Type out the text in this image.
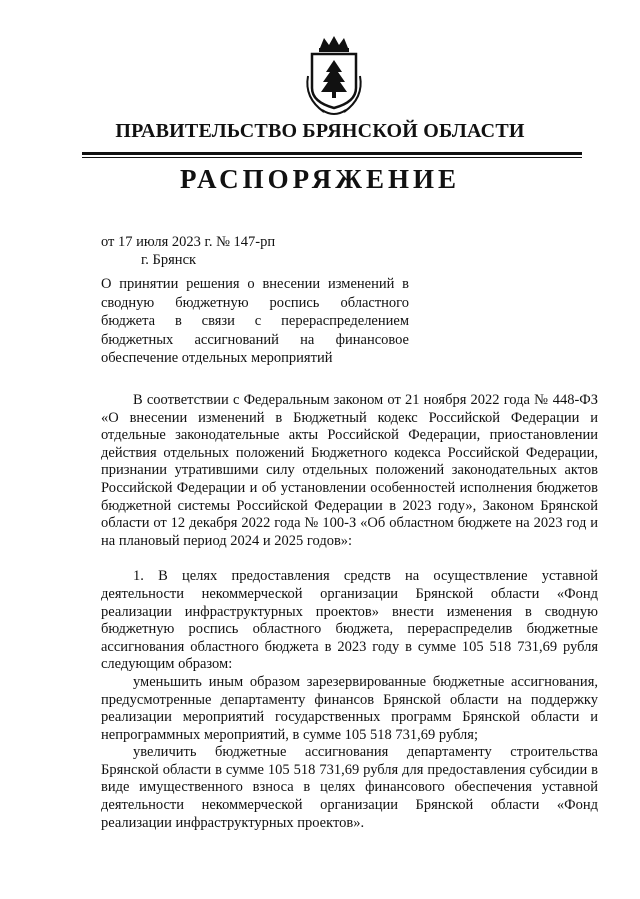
ПРАВИТЕЛЬСТВО БРЯНСКОЙ ОБЛАСТИ
РАСПОРЯЖЕНИЕ
от 17 июля 2023 г. № 147-рп
г. Брянск
О принятии решения о внесении изменений в сводную бюджетную роспись областного бюджета в связи с перераспределением бюджетных ассигнований на финансовое обеспечение отдельных мероприятий

В соответствии с Федеральным законом от 21 ноября 2022 года № 448-ФЗ «О внесении изменений в Бюджетный кодекс Российской Федерации и отдельные законодательные акты Российской Федерации, приостановлении действия отдельных положений Бюджетного кодекса Российской Федерации, признании утратившими силу отдельных положений законодательных актов Российской Федерации и об установлении особенностей исполнения бюджетов бюджетной системы Российской Федерации в 2023 году», Законом Брянской области от 12 декабря 2022 года № 100-З «Об областном бюджете на 2023 год и на плановый период 2024 и 2025 годов»:

1. В целях предоставления средств на осуществление уставной деятельности некоммерческой организации Брянской области «Фонд реализации инфраструктурных проектов» внести изменения в сводную бюджетную роспись областного бюджета, перераспределив бюджетные ассигнования областного бюджета в 2023 году в сумме 105 518 731,69 рубля следующим образом:

уменьшить иным образом зарезервированные бюджетные ассигнования, предусмотренные департаменту финансов Брянской области на поддержку реализации мероприятий государственных программ Брянской области и непрограммных мероприятий, в сумме 105 518 731,69 рубля;

увеличить бюджетные ассигнования департаменту строительства Брянской области в сумме 105 518 731,69 рубля для предоставления субсидии в виде имущественного взноса в целях финансового обеспечения уставной деятельности некоммерческой организации Брянской области «Фонд реализации инфраструктурных проектов».
